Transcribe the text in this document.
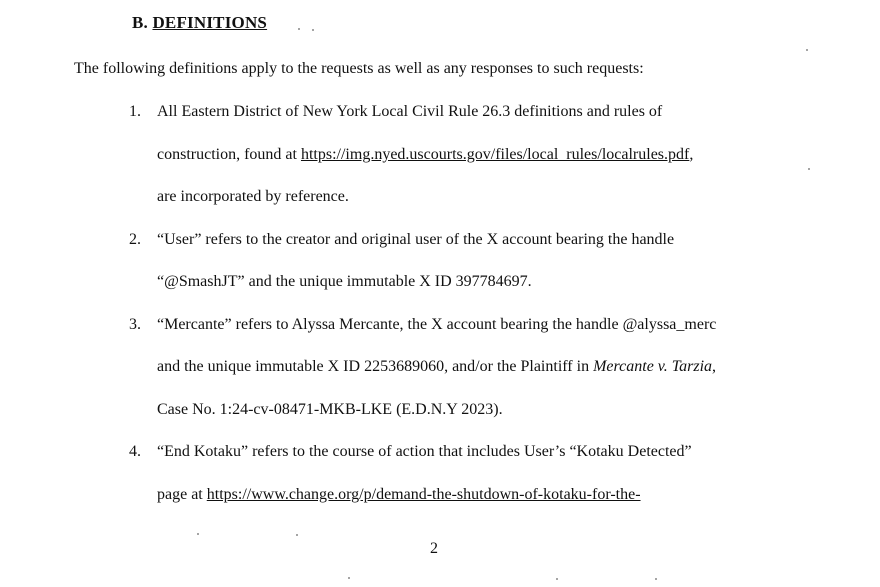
B. DEFINITIONS
The following definitions apply to the requests as well as any responses to such requests:
1. All Eastern District of New York Local Civil Rule 26.3 definitions and rules of
construction, found at https://img.nyed.uscourts.gov/files/local_rules/localrules.pdf,
are incorporated by reference.
2. “User” refers to the creator and original user of the X account bearing the handle
“@SmashJT” and the unique immutable X ID 397784697.
3. “Mercante” refers to Alyssa Mercante, the X account bearing the handle @alyssa_merc
and the unique immutable X ID 2253689060, and/or the Plaintiff in Mercante v. Tarzia,
Case No. 1:24-cv-08471-MKB-LKE (E.D.N.Y 2023).
4. “End Kotaku” refers to the course of action that includes User’s “Kotaku Detected”
page at https://www.change.org/p/demand-the-shutdown-of-kotaku-for-the-
2
